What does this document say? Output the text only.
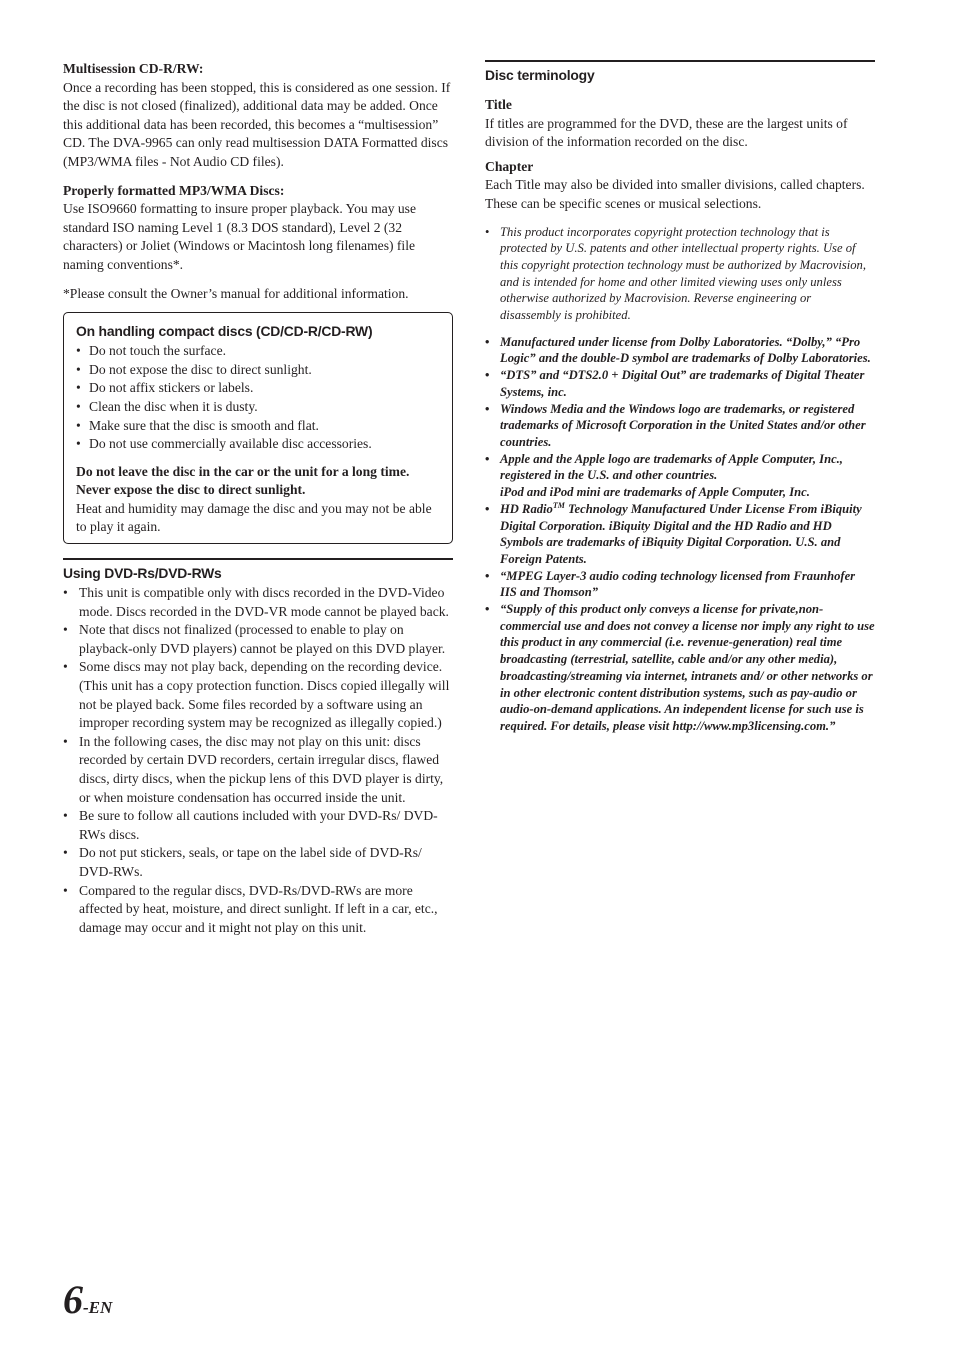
Multisession CD-R/RW:

Once a recording has been stopped, this is considered as one session. If the disc is not closed (finalized), additional data may be added. Once this additional data has been recorded, this becomes a “multisession” CD. The DVA-9965 can only read multisession DATA Formatted discs (MP3/WMA files - Not Audio CD files).

Properly formatted MP3/WMA Discs:

Use ISO9660 formatting to insure proper playback. You may use standard ISO naming Level 1 (8.3 DOS standard), Level 2 (32 characters) or Joliet (Windows or Macintosh long filenames) file naming conventions*.

*Please consult the Owner’s manual for additional information.

On handling compact discs (CD/CD-R/CD-RW)

• Do not touch the surface.
• Do not expose the disc to direct sunlight.
• Do not affix stickers or labels.
• Clean the disc when it is dusty.
• Make sure that the disc is smooth and flat.
• Do not use commercially available disc accessories.

Do not leave the disc in the car or the unit for a long time. Never expose the disc to direct sunlight.

Heat and humidity may damage the disc and you may not be able to play it again.

Using DVD-Rs/DVD-RWs

• This unit is compatible only with discs recorded in the DVD-Video mode. Discs recorded in the DVD-VR mode cannot be played back.
• Note that discs not finalized (processed to enable to play on playback-only DVD players) cannot be played on this DVD player.
• Some discs may not play back, depending on the recording device. (This unit has a copy protection function. Discs copied illegally will not be played back. Some files recorded by a software using an improper recording system may be recognized as illegally copied.)
• In the following cases, the disc may not play on this unit: discs recorded by certain DVD recorders, certain irregular discs, flawed discs, dirty discs, when the pickup lens of this DVD player is dirty, or when moisture condensation has occurred inside the unit.
• Be sure to follow all cautions included with your DVD-Rs/ DVD-RWs discs.
• Do not put stickers, seals, or tape on the label side of DVD-Rs/ DVD-RWs.
• Compared to the regular discs, DVD-Rs/DVD-RWs are more affected by heat, moisture, and direct sunlight. If left in a car, etc., damage may occur and it might not play on this unit.

Disc terminology

Title

If titles are programmed for the DVD, these are the largest units of division of the information recorded on the disc.

Chapter

Each Title may also be divided into smaller divisions, called chapters. These can be specific scenes or musical selections.

• This product incorporates copyright protection technology that is protected by U.S. patents and other intellectual property rights. Use of this copyright protection technology must be authorized by Macrovision, and is intended for home and other limited viewing uses only unless otherwise authorized by Macrovision. Reverse engineering or disassembly is prohibited.
• Manufactured under license from Dolby Laboratories. “Dolby,” “Pro Logic” and the double-D symbol are trademarks of Dolby Laboratories.
• “DTS” and “DTS2.0 + Digital Out” are trademarks of Digital Theater Systems, inc.
• Windows Media and the Windows logo are trademarks, or registered trademarks of Microsoft Corporation in the United States and/or other countries.
• Apple and the Apple logo are trademarks of Apple Computer, Inc., registered in the U.S. and other countries.
iPod and iPod mini are trademarks of Apple Computer, Inc.
• HD Radio™ Technology Manufactured Under License From iBiquity Digital Corporation. iBiquity Digital and the HD Radio and HD Symbols are trademarks of iBiquity Digital Corporation. U.S. and Foreign Patents.
• “MPEG Layer-3 audio coding technology licensed from Fraunhofer IIS and Thomson”
• “Supply of this product only conveys a license for private,non-commercial use and does not convey a license nor imply any right to use this product in any commercial (i.e. revenue-generation) real time broadcasting (terrestrial, satellite, cable and/or any other media), broadcasting/streaming via internet, intranets and/ or other networks or in other electronic content distribution systems, such as pay-audio or audio-on-demand applications. An independent license for such use is required. For details, please visit http://www.mp3licensing.com.”
6-EN
